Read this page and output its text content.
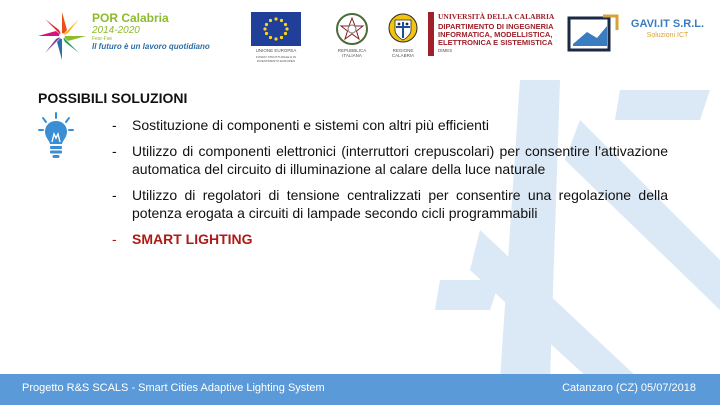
POR Calabria
2014-2020
Fesr-Fse
Il futuro è un lavoro quotidiano	UNIONE EUROPEA
FONDO STRUTTURALE E DI INVESTIMENTO EUROPEO
REPUBBLICA ITALIANA
REGIONE CALABRIA
UNIVERSITÀ DELLA CALABRIA
DIPARTIMENTO DI INGEGNERIA INFORMATICA, MODELLISTICA, ELETTRONICA E SISTEMISTICA
DIMES
GAVI.IT S.R.L.
Soluzioni ICT
POSSIBILI SOLUZIONI
- Sostituzione di componenti e sistemi con altri più efficienti
- Utilizzo di componenti elettronici (interruttori crepuscolari) per consentire l’attivazione automatica del circuito di illuminazione al calare della luce naturale
- Utilizzo di regolatori di tensione centralizzati per consentire una regolazione della potenza erogata a circuiti di lampade secondo cicli programmabili
- SMART LIGHTING
Progetto R&S SCALS - Smart Cities Adaptive Lighting System	Catanzaro (CZ) 05/07/2018
